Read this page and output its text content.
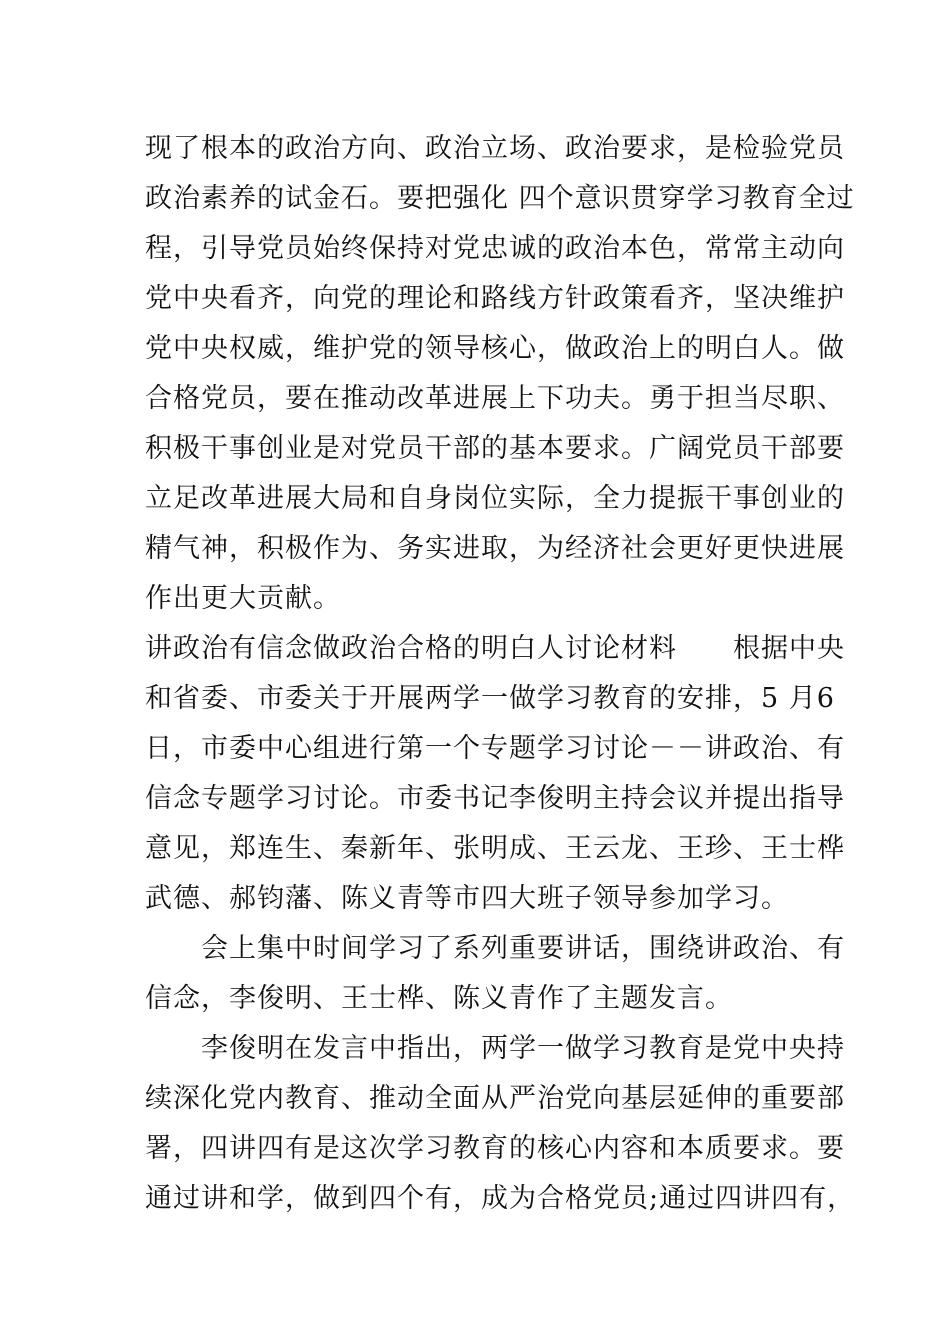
现了根本的政治方向、政治立场、政治要求，是检验党员
政治素养的试金石。要把强化 四个意识贯穿学习教育全过
程，引导党员始终保持对党忠诚的政治本色，常常主动向
党中央看齐，向党的理论和路线方针政策看齐，坚决维护
党中央权威，维护党的领导核心，做政治上的明白人。做
合格党员，要在推动改革进展上下功夫。勇于担当尽职、
积极干事创业是对党员干部的基本要求。广阔党员干部要
立足改革进展大局和自身岗位实际，全力提振干事创业的
精气神，积极作为、务实进取，为经济社会更好更快进展
作出更大贡献。
讲政治有信念做政治合格的明白人讨论材料　　根据中央
和省委、市委关于开展两学一做学习教育的安排，5 月6
日，市委中心组进行第一个专题学习讨论－－讲政治、有
信念专题学习讨论。市委书记李俊明主持会议并提出指导
意见，郑连生、秦新年、张明成、王云龙、王珍、王士桦
武德、郝钧藩、陈义青等市四大班子领导参加学习。
　　会上集中时间学习了系列重要讲话，围绕讲政治、有
信念，李俊明、王士桦、陈义青作了主题发言。
　　李俊明在发言中指出，两学一做学习教育是党中央持
续深化党内教育、推动全面从严治党向基层延伸的重要部
署，四讲四有是这次学习教育的核心内容和本质要求。要
通过讲和学，做到四个有，成为合格党员;通过四讲四有，
